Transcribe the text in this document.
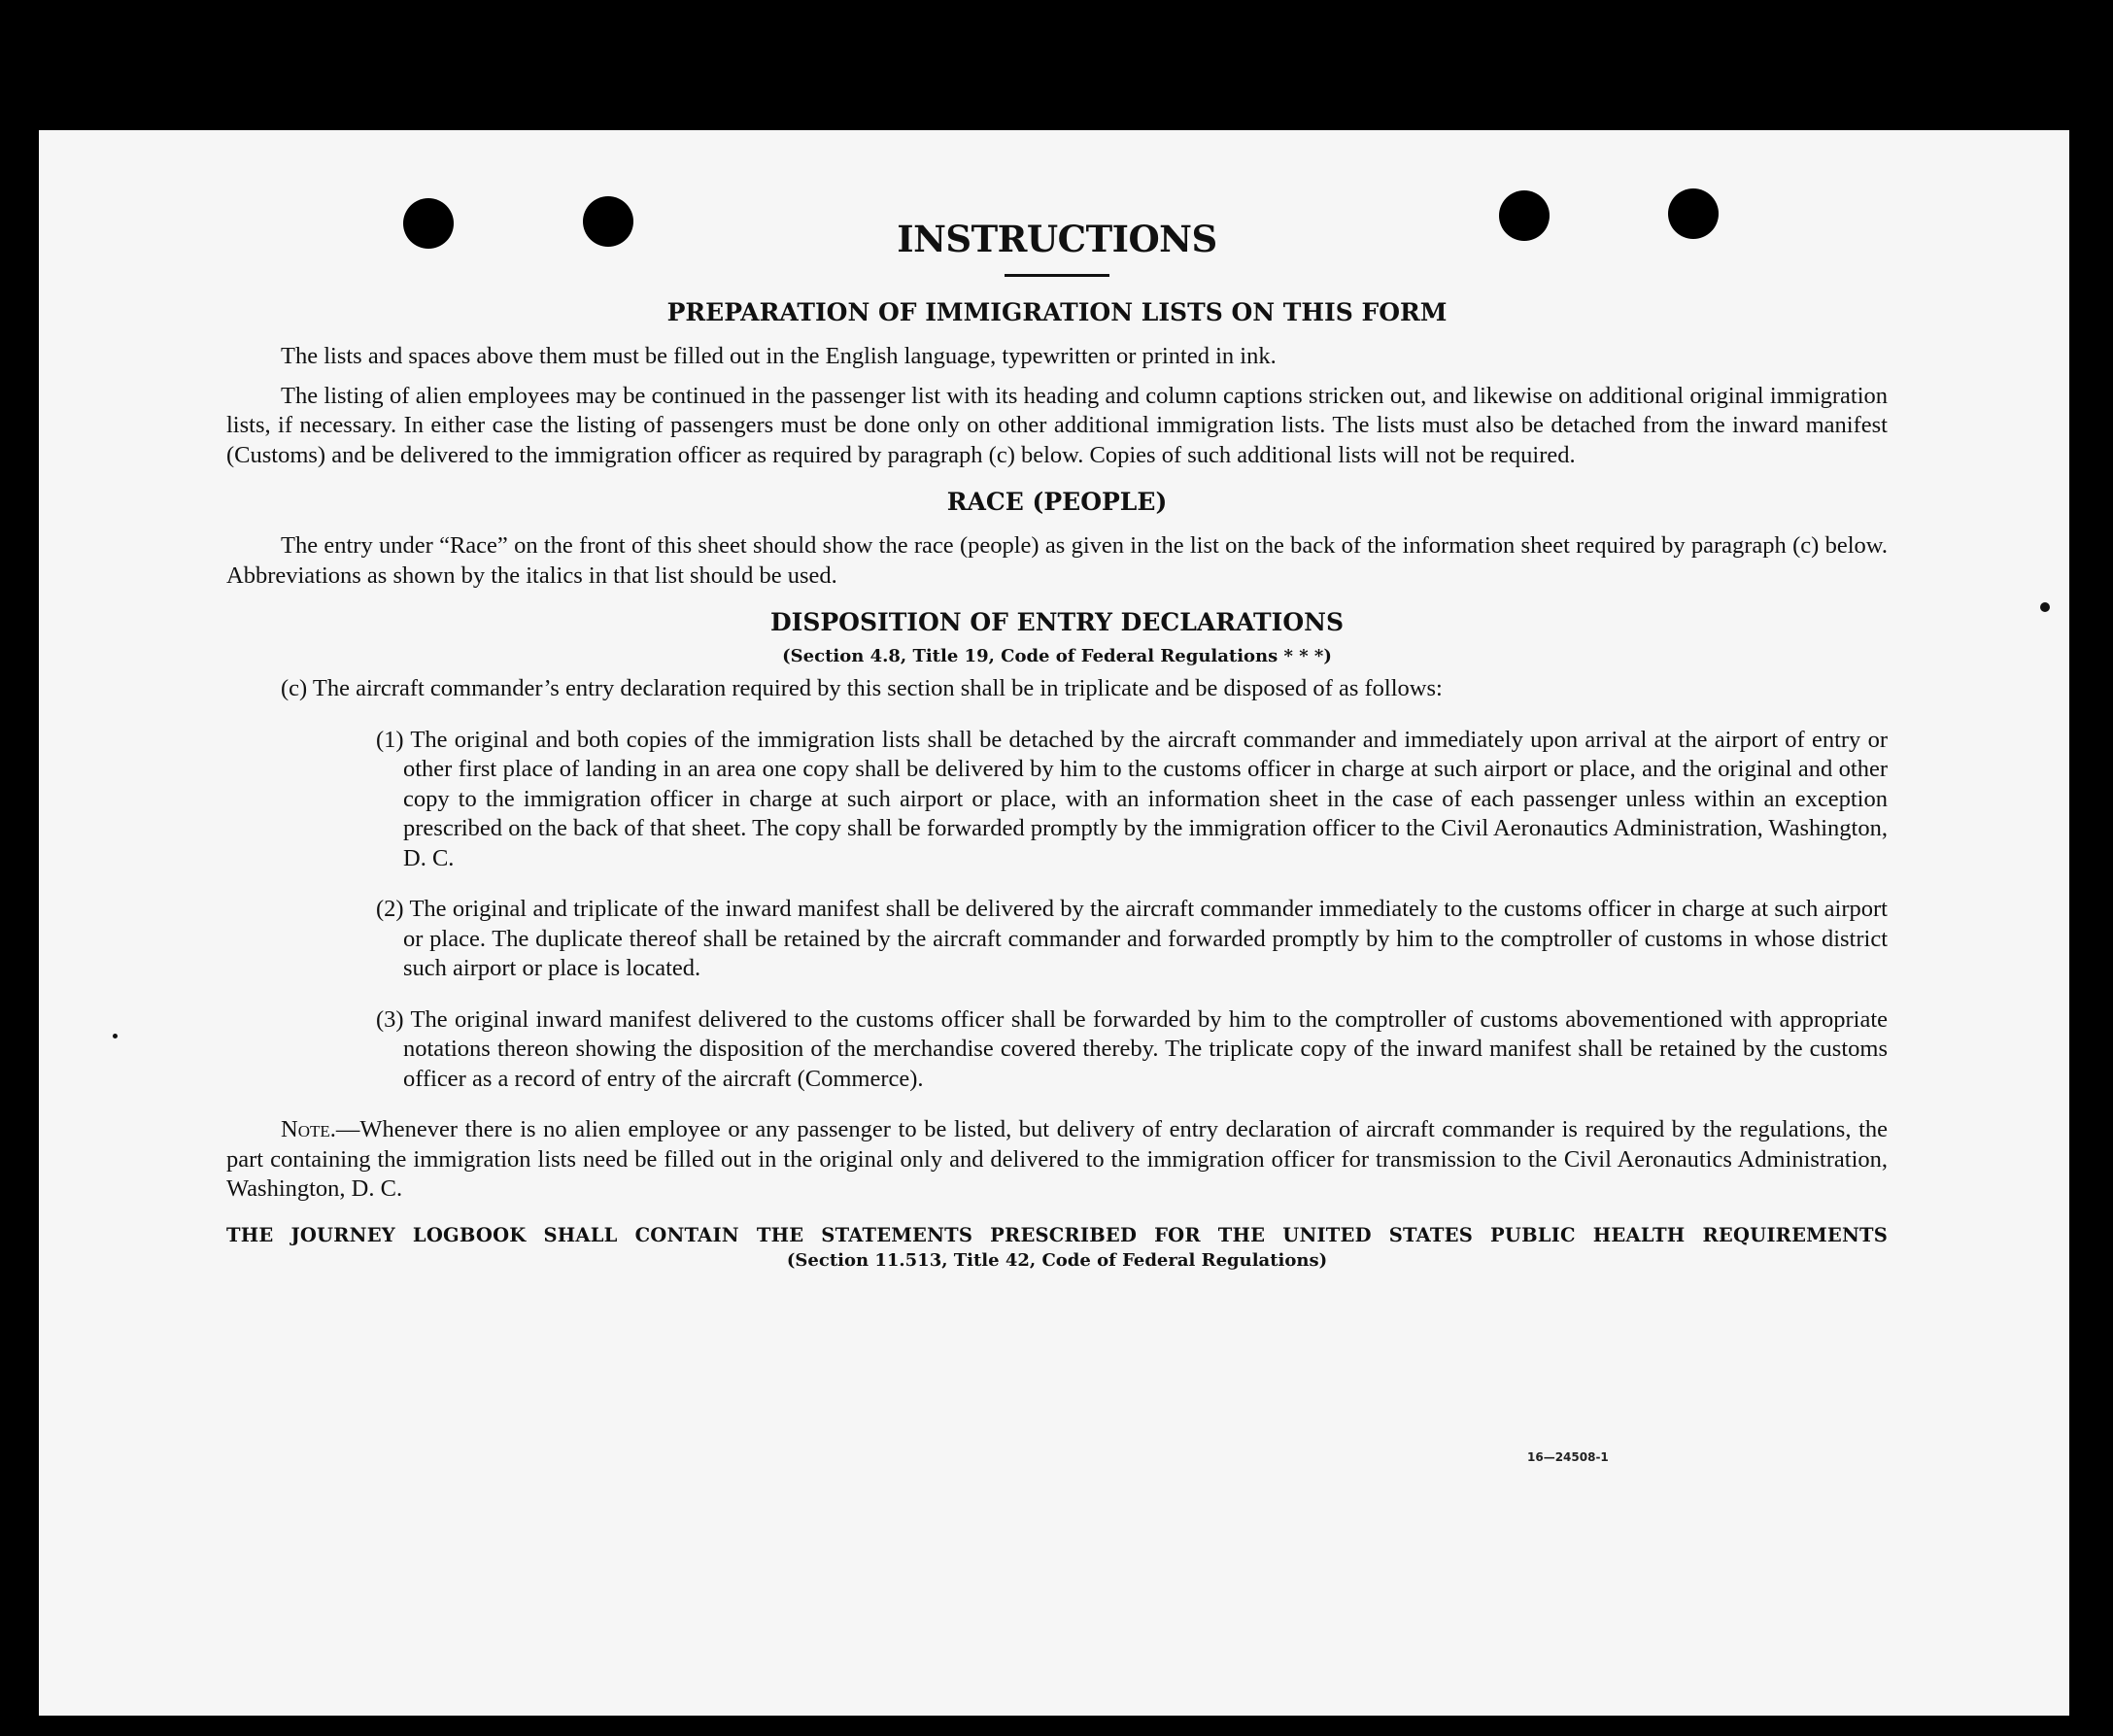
INSTRUCTIONS
PREPARATION OF IMMIGRATION LISTS ON THIS FORM

The lists and spaces above them must be filled out in the English language, typewritten or printed in ink.

The listing of alien employees may be continued in the passenger list with its heading and column captions stricken out, and likewise on additional original immigration lists, if necessary. In either case the listing of passengers must be done only on other additional immigration lists. The lists must also be detached from the inward manifest (Customs) and be delivered to the immigration officer as required by paragraph (c) below. Copies of such additional lists will not be required.

RACE (PEOPLE)

The entry under “Race” on the front of this sheet should show the race (people) as given in the list on the back of the information sheet required by paragraph (c) below. Abbreviations as shown by the italics in that list should be used.

DISPOSITION OF ENTRY DECLARATIONS
(Section 4.8, Title 19, Code of Federal Regulations * * *)

(c) The aircraft commander’s entry declaration required by this section shall be in triplicate and be disposed of as follows:

(1) The original and both copies of the immigration lists shall be detached by the aircraft commander and immediately upon arrival at the airport of entry or other first place of landing in an area one copy shall be delivered by him to the customs officer in charge at such airport or place, and the original and other copy to the immigration officer in charge at such airport or place, with an information sheet in the case of each passenger unless within an exception prescribed on the back of that sheet. The copy shall be forwarded promptly by the immigration officer to the Civil Aeronautics Administration, Washington, D. C.

(2) The original and triplicate of the inward manifest shall be delivered by the aircraft commander immediately to the customs officer in charge at such airport or place. The duplicate thereof shall be retained by the aircraft commander and forwarded promptly by him to the comptroller of customs in whose district such airport or place is located.

(3) The original inward manifest delivered to the customs officer shall be forwarded by him to the comptroller of customs abovementioned with appropriate notations thereon showing the disposition of the merchandise covered thereby. The triplicate copy of the inward manifest shall be retained by the customs officer as a record of entry of the aircraft (Commerce).

Note.—Whenever there is no alien employee or any passenger to be listed, but delivery of entry declaration of aircraft commander is required by the regulations, the part containing the immigration lists need be filled out in the original only and delivered to the immigration officer for transmission to the Civil Aeronautics Administration, Washington, D. C.

THE JOURNEY LOGBOOK SHALL CONTAIN THE STATEMENTS PRESCRIBED FOR THE UNITED STATES PUBLIC HEALTH REQUIREMENTS
(Section 11.513, Title 42, Code of Federal Regulations)
16—24508-1
